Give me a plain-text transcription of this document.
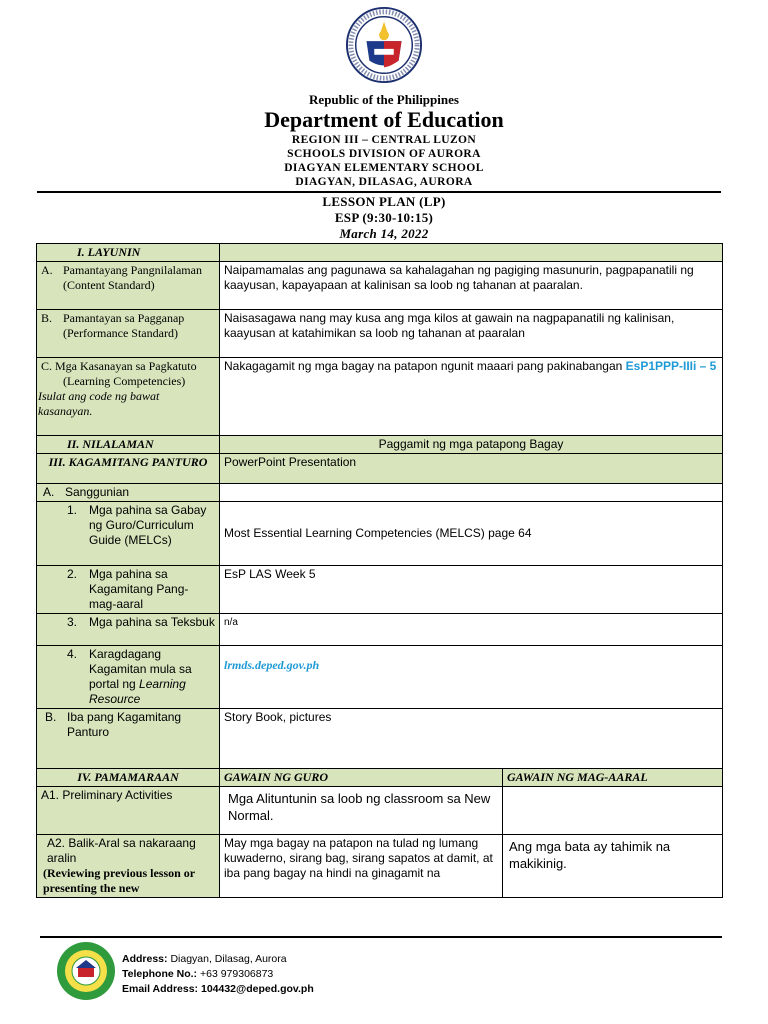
Republic of the Philippines
Department of Education
REGION III – CENTRAL LUZON
SCHOOLS DIVISION OF AURORA
DIAGYAN ELEMENTARY SCHOOL
DIAGYAN, DILASAG, AURORA
LESSON PLAN (LP)
ESP (9:30-10:15)
March 14, 2022
I. LAYUNIN		

A. Pamantayang Pangnilalaman
(Content Standard)	Naipamamalas ang pagunawa sa kahalagahan ng pagiging masunurin, pagpapanatili ng kaayusan, kapayapaan at kalinisan sa loob ng tahanan at paaralan.	

B. Pamantayan sa Pagganap
(Performance Standard)	Naisasagawa nang may kusa ang mga kilos at gawain na nagpapanatili ng kalinisan, kaayusan at katahimikan sa loob ng tahanan at paaralan	

C. Mga Kasanayan sa Pagkatuto
(Learning Competencies)
Isulat ang code ng bawat kasanayan.	Nakagagamit ng mga bagay na patapon ngunit maaari pang pakinabangan EsP1PPP-IIIi – 5	
II. NILALAMAN	Paggamit ng mga patapong Bagay	
III. KAGAMITANG PANTURO	PowerPoint Presentation	

A. Sanggunian		

1. Mga pahina sa Gabay ng Guro/Curriculum Guide (MELCs)	Most Essential Learning Competencies (MELCS) page 64	

2. Mga pahina sa Kagamitang Pang-mag-aaral	EsP LAS Week 5	

3. Mga pahina sa Teksbuk	n/a	

4. Karagdagang Kagamitan mula sa portal ng Learning Resource	lrmds.deped.gov.ph	

B. Iba pang Kagamitang Panturo	Story Book, pictures	
IV. PAMAMARAAN	GAWAIN NG GURO	GAWAIN NG MAG-AARAL
A1. Preliminary Activities	Mga Alituntunin sa loob ng classroom sa New Normal.	

A2. Balik-Aral sa nakaraang aralin
(Reviewing previous lesson or presenting the new	May mga bagay na patapon na tulad ng lumang kuwaderno, sirang bag, sirang sapatos at damit, at iba pang bagay na hindi na ginagamit na	Ang mga bata ay tahimik na makikinig.
Address: Diagyan, Dilasag, Aurora
Telephone No.: +63 979306873
Email Address: 104432@deped.gov.ph
